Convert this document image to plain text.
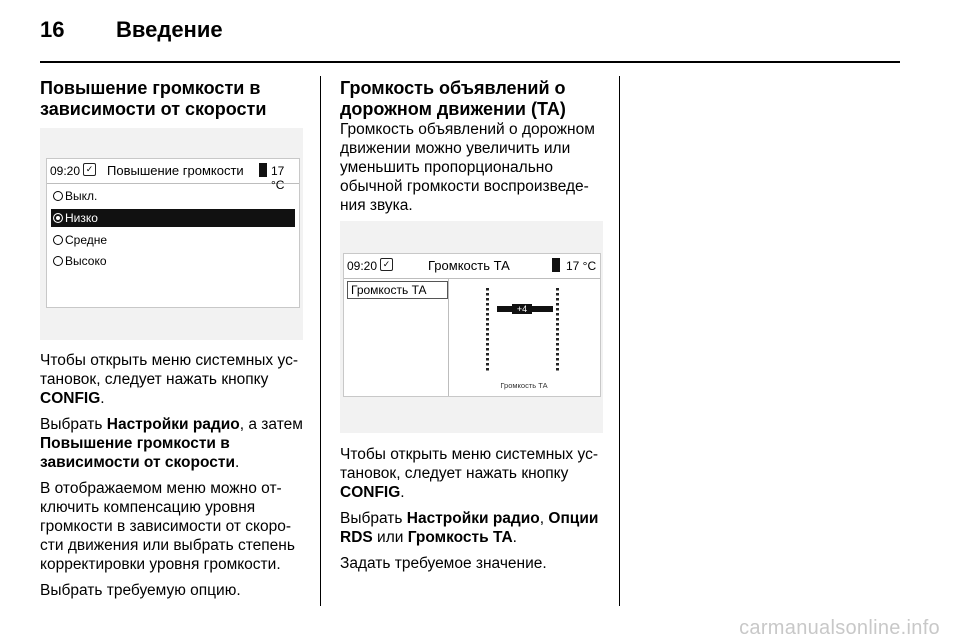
16 Введение
Повышение громкости в
зависимости от скорости
09:20 ✓ Повышение громкости 17 °C
Выкл.
Низко
Средне
Высоко

Чтобы открыть меню системных ус‐
тановок, следует нажать кнопку
CONFIG.

Выбрать Настройки радио, а затем
Повышение громкости в
зависимости от скорости.

В отображаемом меню можно от‐
ключить компенсацию уровня
громкости в зависимости от скоро‐
сти движения или выбрать степень
корректировки уровня громкости.

Выбрать требуемую опцию.

Громкость объявлений о
дорожном движении (ТА)

Громкость объявлений о дорожном
движении можно увеличить или
уменьшить пропорционально
обычной громкости воспроизведе‐
ния звука.

09:20 ✓	Громкость ТА	17 °C
Громкость ТА
+4
Громкость ТА

Чтобы открыть меню системных ус‐
тановок, следует нажать кнопку
CONFIG.

Выбрать Настройки радио, Опции
RDS или Громкость ТА.

Задать требуемое значение.

carmanualsonline.info
